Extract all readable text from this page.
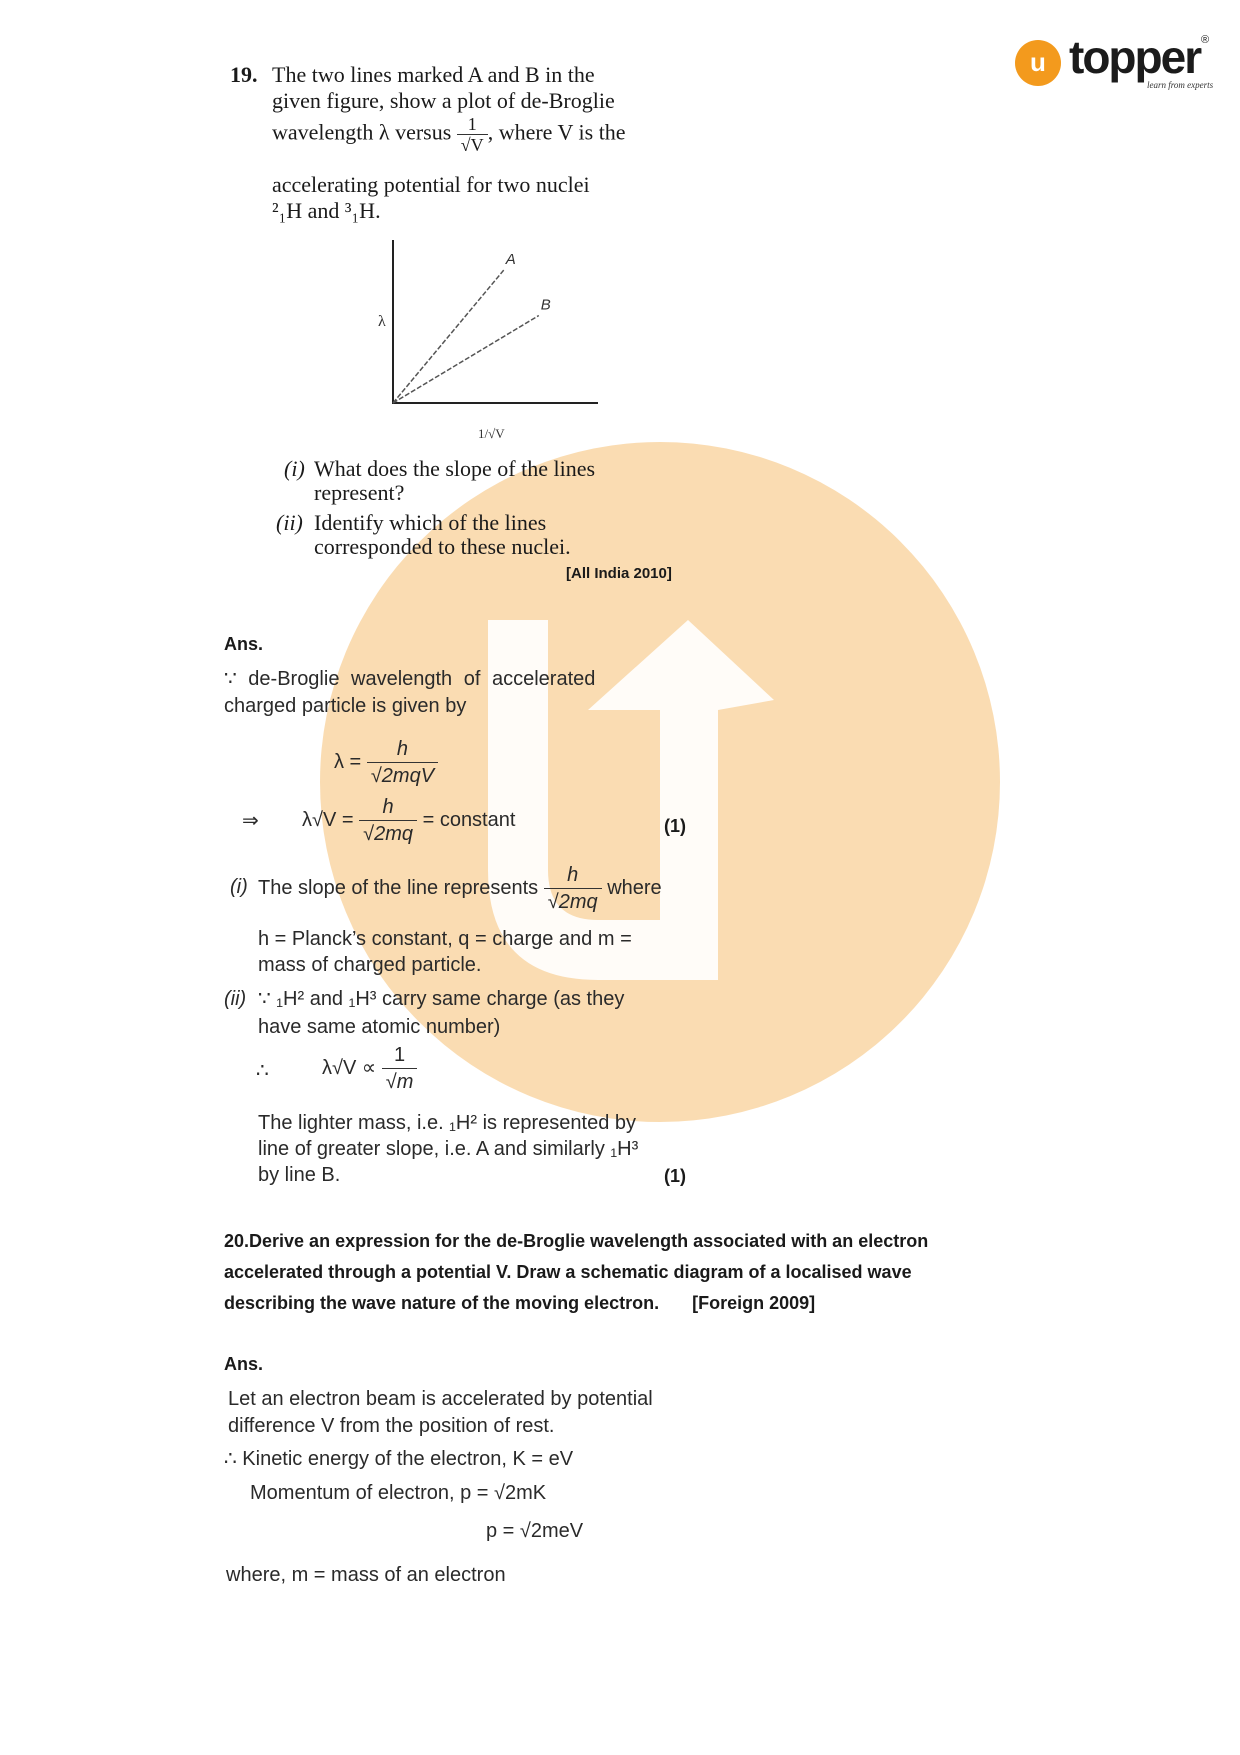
u topper ®
learn from experts
19. The two lines marked A and B in the
given figure, show a plot of de-Broglie
wavelength λ versus $\frac{1}{√V}$ , where V is the
accelerating potential for two nuclei
²₁H and ³₁H.
A
B
λ
1/√V
(i) What does the slope of the lines
represent?
(ii) Identify which of the lines
corresponded to these nuclei.
[All India 2010]
Ans.
∵ de-Broglie wavelength of accelerated
charged particle is given by
$\lambda = \frac{h}{\text{√2mqV}}$
⇒ $\lambda√V = \frac{h}{√2mq}$ = constant	(1)
(i) The slope of the line represents $\frac{h}{√2mq}$ where
h = Planck’s constant, q = charge and m =
mass of charged particle.
(ii) ∵ ₁H² and ₁H³ carry same charge (as they
have same atomic number)
∴	$\lambda√V \propto \frac{1}{√m}$
The lighter mass, i.e. ₁H² is represented by
line of greater slope, i.e. A and similarly ₁H³
by line B.	(1)
20.Derive an expression for the de-Broglie wavelength associated with an electron
accelerated through a potential V. Draw a schematic diagram of a localised wave
describing the wave nature of the moving electron. [Foreign 2009]
Ans.
Let an electron beam is accelerated by potential
difference V from the position of rest.
∴ Kinetic energy of the electron, K = eV
Momentum of electron, p = √2mK
p = √2meV
where, m = mass of an electron
